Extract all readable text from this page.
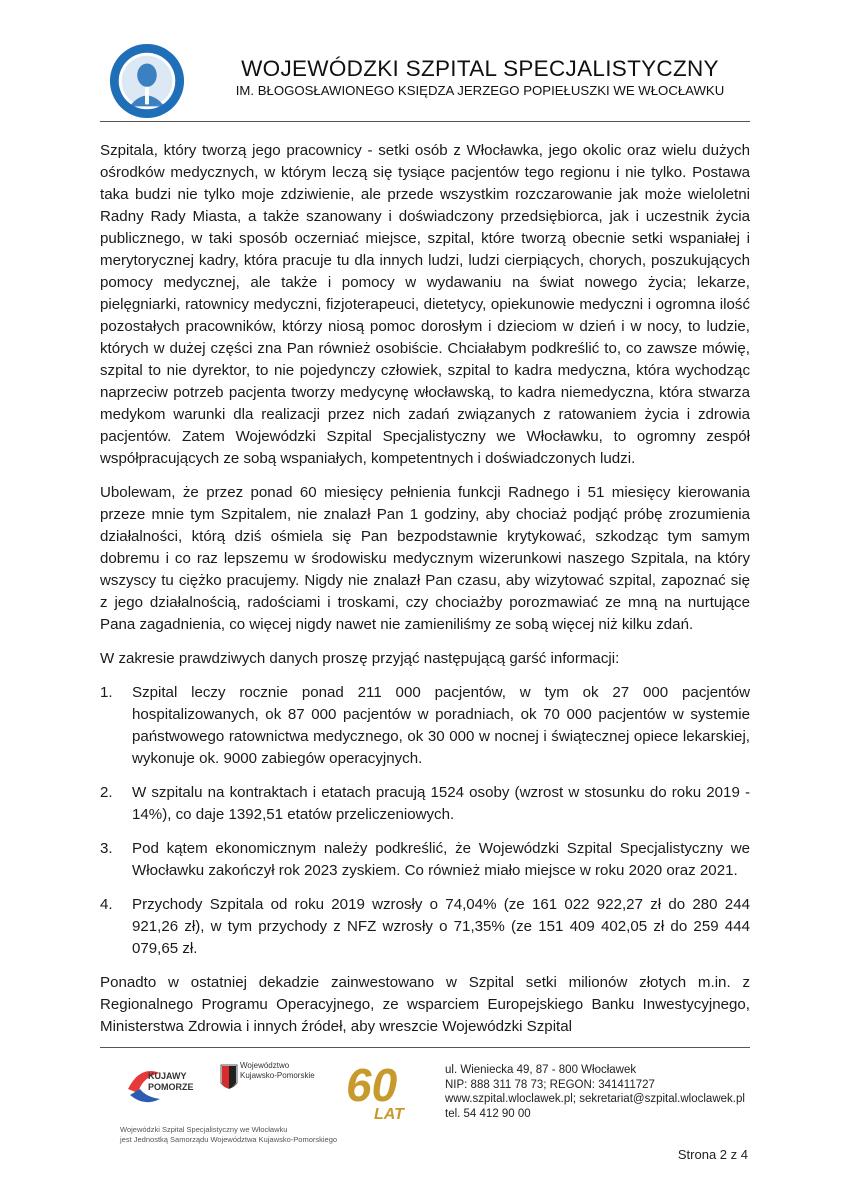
WOJEWÓDZKI SZPITAL SPECJALISTYCZNY
IM. BŁOGOSŁAWIONEGO KSIĘDZA JERZEGO POPIEŁUSZKI WE WŁOCŁAWKU

Szpitala, który tworzą jego pracownicy - setki osób z Włocławka, jego okolic oraz wielu dużych ośrodków medycznych, w którym leczą się tysiące pacjentów tego regionu i nie tylko. Postawa taka budzi nie tylko moje zdziwienie, ale przede wszystkim rozczarowanie jak może wieloletni Radny Rady Miasta, a także szanowany i doświadczony przedsiębiorca, jak i uczestnik życia publicznego, w taki sposób oczerniać miejsce, szpital, które tworzą obecnie setki wspaniałej i merytorycznej kadry, która pracuje tu dla innych ludzi, ludzi cierpiących, chorych, poszukujących pomocy medycznej, ale także i pomocy w wydawaniu na świat nowego życia; lekarze, pielęgniarki, ratownicy medyczni, fizjoterapeuci, dietetycy, opiekunowie medyczni i ogromna ilość pozostałych pracowników, którzy niosą pomoc dorosłym i dzieciom w dzień i w nocy, to ludzie, których w dużej części zna Pan również osobiście. Chciałabym podkreślić to, co zawsze mówię, szpital to nie dyrektor, to nie pojedynczy człowiek, szpital to kadra medyczna, która wychodząc naprzeciw potrzeb pacjenta tworzy medycynę włocławską, to kadra niemedyczna, która stwarza medykom warunki dla realizacji przez nich zadań związanych z ratowaniem życia i zdrowia pacjentów. Zatem Wojewódzki Szpital Specjalistyczny we Włocławku, to ogromny zespół współpracujących ze sobą wspaniałych, kompetentnych i doświadczonych ludzi.

Ubolewam, że przez ponad 60 miesięcy pełnienia funkcji Radnego i 51 miesięcy kierowania przeze mnie tym Szpitalem, nie znalazł Pan 1 godziny, aby chociaż podjąć próbę zrozumienia działalności, którą dziś ośmiela się Pan bezpodstawnie krytykować, szkodząc tym samym dobremu i co raz lepszemu w środowisku medycznym wizerunkowi naszego Szpitala, na który wszyscy tu ciężko pracujemy. Nigdy nie znalazł Pan czasu, aby wizytować szpital, zapoznać się z jego działalnością, radościami i troskami, czy chociażby porozmawiać ze mną na nurtujące Pana zagadnienia, co więcej nigdy nawet nie zamieniliśmy ze sobą więcej niż kilku zdań.

W zakresie prawdziwych danych proszę przyjąć następującą garść informacji:

1. Szpital leczy rocznie ponad 211 000 pacjentów, w tym ok 27 000 pacjentów hospitalizowanych, ok 87 000 pacjentów w poradniach, ok 70 000 pacjentów w systemie państwowego ratownictwa medycznego, ok 30 000 w nocnej i świątecznej opiece lekarskiej, wykonuje ok. 9000 zabiegów operacyjnych.
2. W szpitalu na kontraktach i etatach pracują 1524 osoby (wzrost w stosunku do roku 2019 - 14%), co daje 1392,51 etatów przeliczeniowych.
3. Pod kątem ekonomicznym należy podkreślić, że Wojewódzki Szpital Specjalistyczny we Włocławku zakończył rok 2023 zyskiem. Co również miało miejsce w roku 2020 oraz 2021.
4. Przychody Szpitala od roku 2019 wzrosły o 74,04% (ze 161 022 922,27 zł do 280 244 921,26 zł), w tym przychody z NFZ wzrosły o 71,35% (ze 151 409 402,05 zł do 259 444 079,65 zł.

Ponadto w ostatniej dekadzie zainwestowano w Szpital setki milionów złotych m.in. z Regionalnego Programu Operacyjnego, ze wsparciem Europejskiego Banku Inwestycyjnego, Ministerstwa Zdrowia i innych źródeł, aby wreszcie Wojewódzki Szpital

KUJAWY
POMORZE
Województwo
Kujawsko-Pomorskie 60
LAT
ul. Wieniecka 49, 87 - 800 Włocławek
NIP: 888 311 78 73; REGON: 341411727
www.szpital.wloclawek.pl; sekretariat@szpital.wloclawek.pl
tel. 54 412 90 00
Wojewódzki Szpital Specjalistyczny we Włocławku
jest Jednostką Samorządu Województwa Kujawsko-Pomorskiego
Strona 2 z 4
